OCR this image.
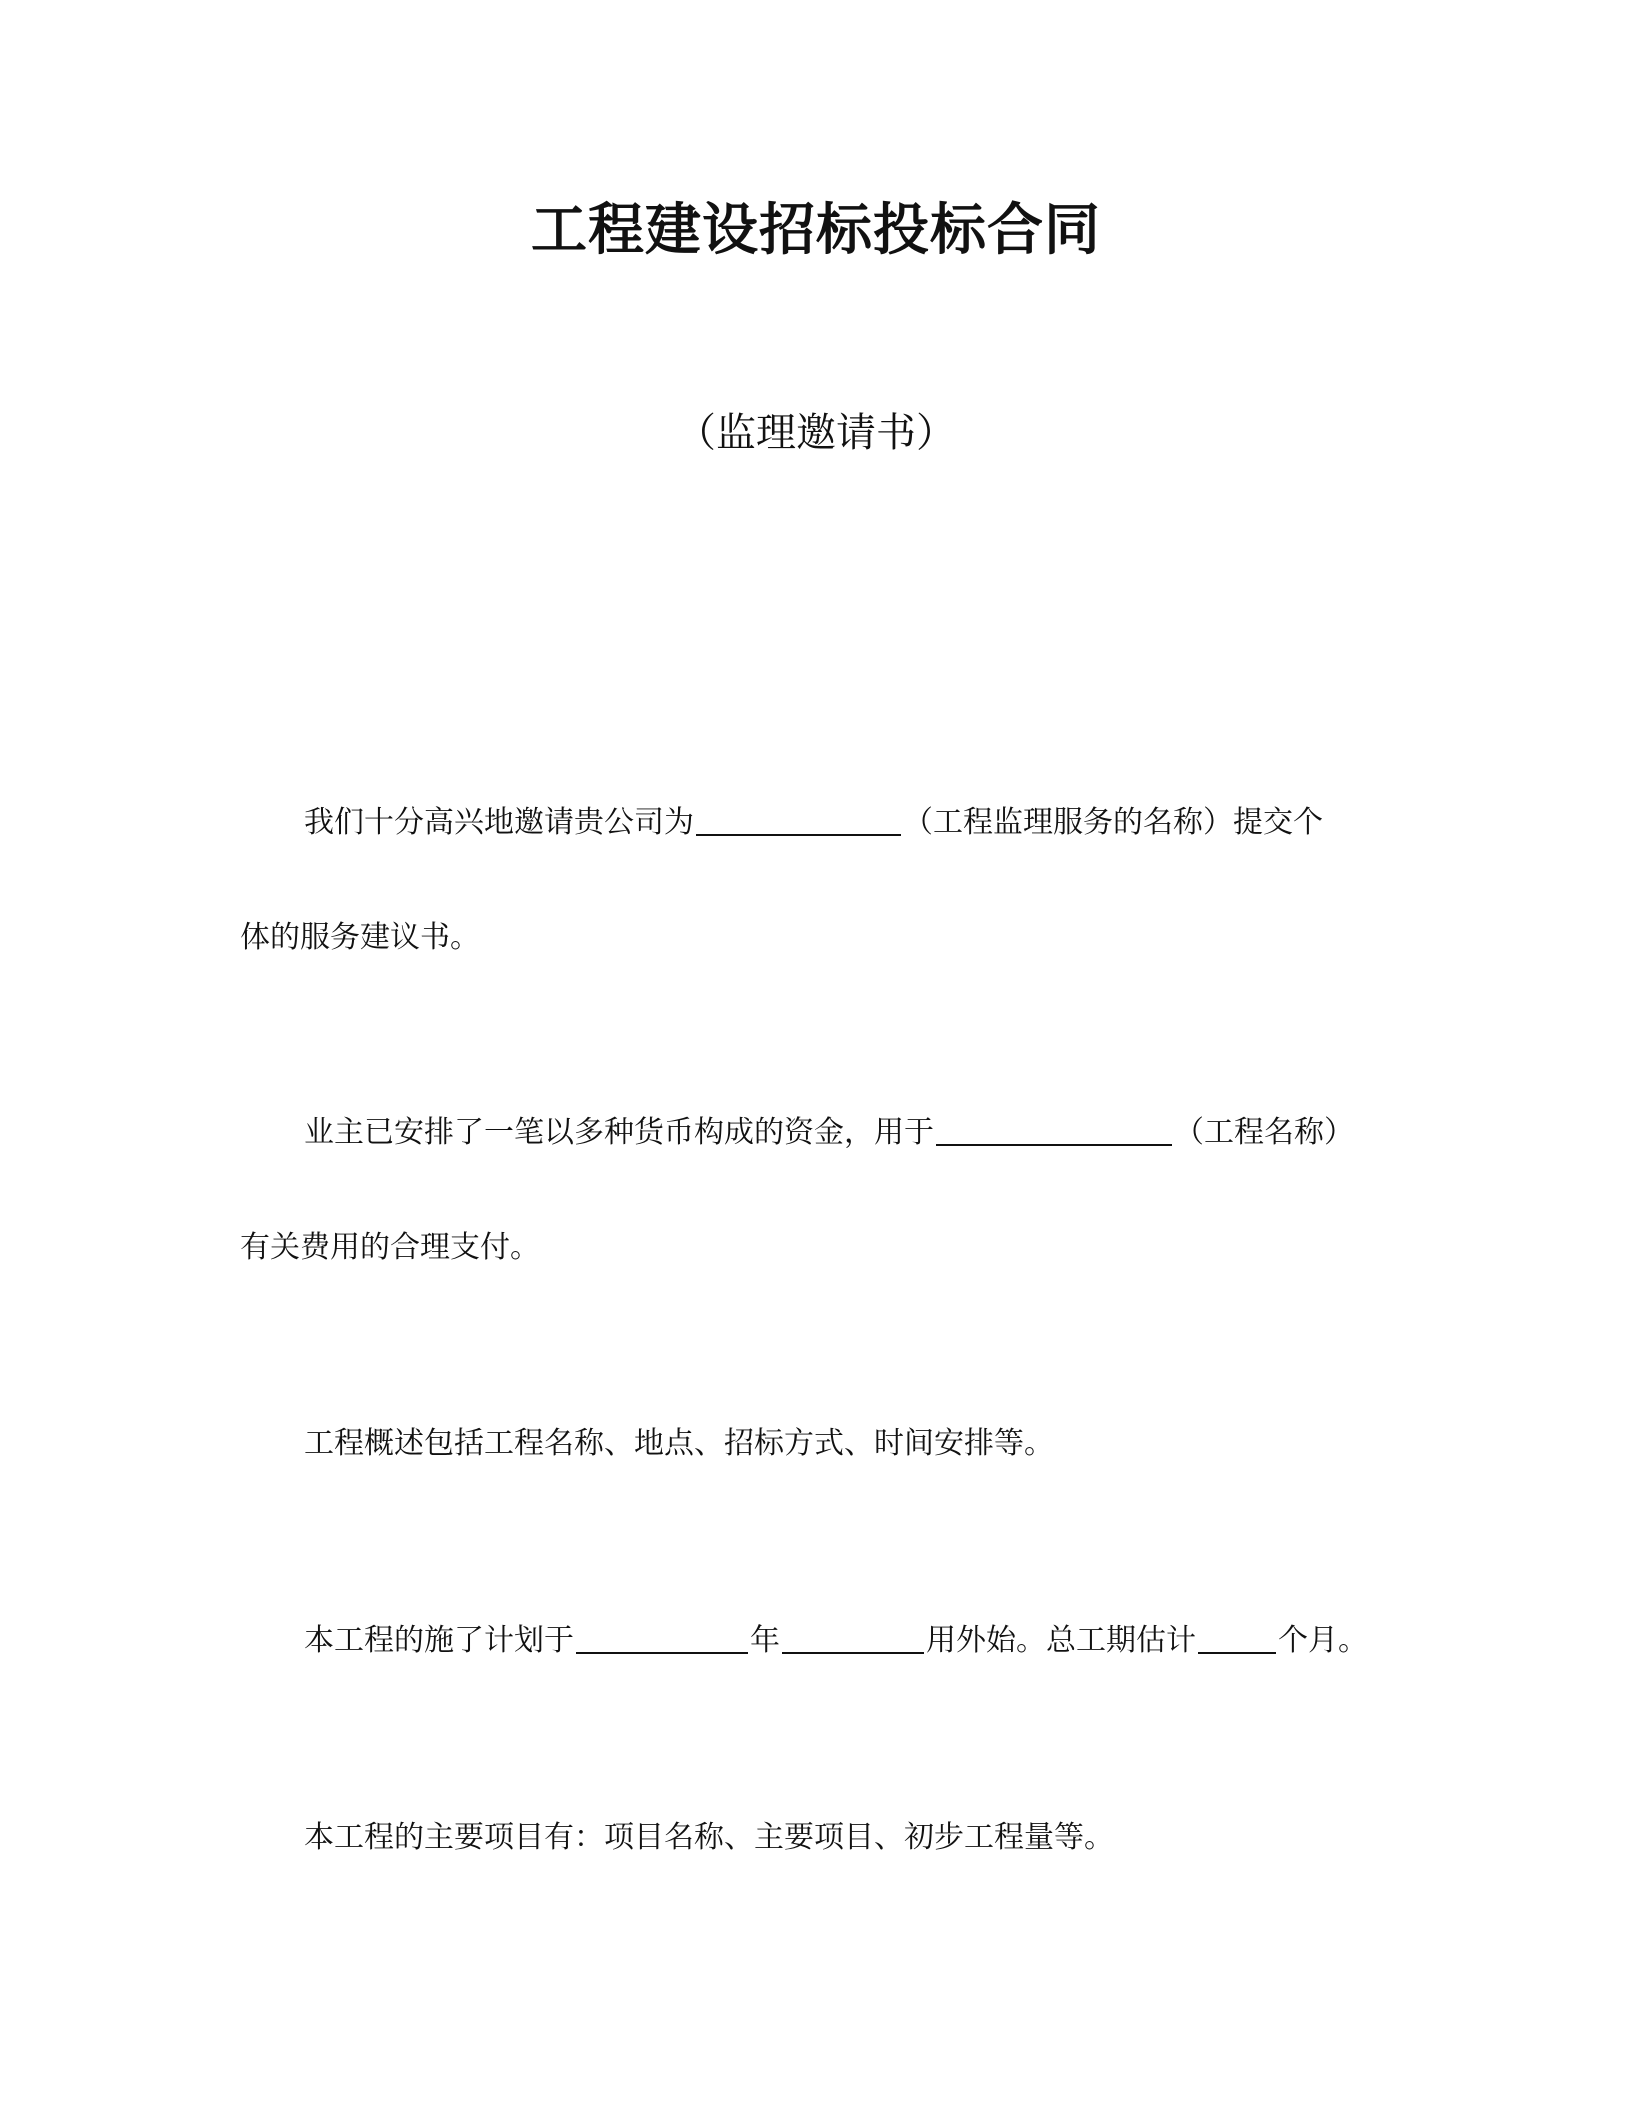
工程建设招标投标合同
（监理邀请书）
我们十分高兴地邀请贵公司为	（工程监理服务的名称）提交个
体的服务建议书。
业主已安排了一笔以多种货币构成的资金，用于	（工程名称）
有关费用的合理支付。
工程概述包括工程名称、地点、招标方式、时间安排等。
本工程的施了计划于	年	用外始。总工期估计	个月。
本工程的主要项目有：项目名称、主要项目、初步工程量等。
